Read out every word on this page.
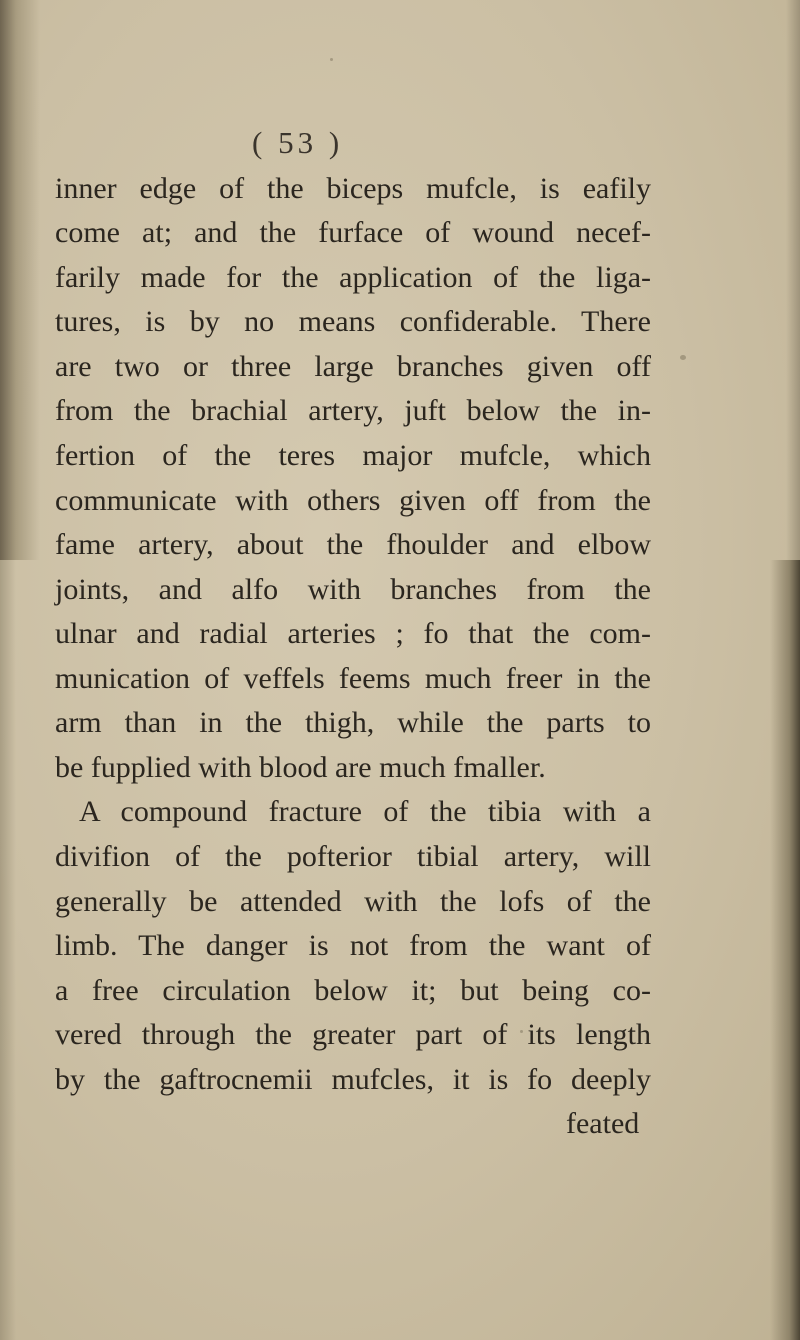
( 53 )
inner edge of the biceps mufcle, is eafily
come at; and the furface of wound necef-
farily made for the application of the liga-
tures, is by no means confiderable. There
are two or three large branches given off
from the brachial artery, juft below the in-
fertion of the teres major mufcle, which
communicate with others given off from the
fame artery, about the fhoulder and elbow
joints, and alfo with branches from the
ulnar and radial arteries ; fo that the com-
munication of veffels feems much freer in the
arm than in the thigh, while the parts to
be fupplied with blood are much fmaller.
A compound fracture of the tibia with a
divifion of the pofterior tibial artery, will
generally be attended with the lofs of the
limb. The danger is not from the want of
a free circulation below it; but being co-
vered through the greater part of its length
by the gaftrocnemii mufcles, it is fo deeply
feated
